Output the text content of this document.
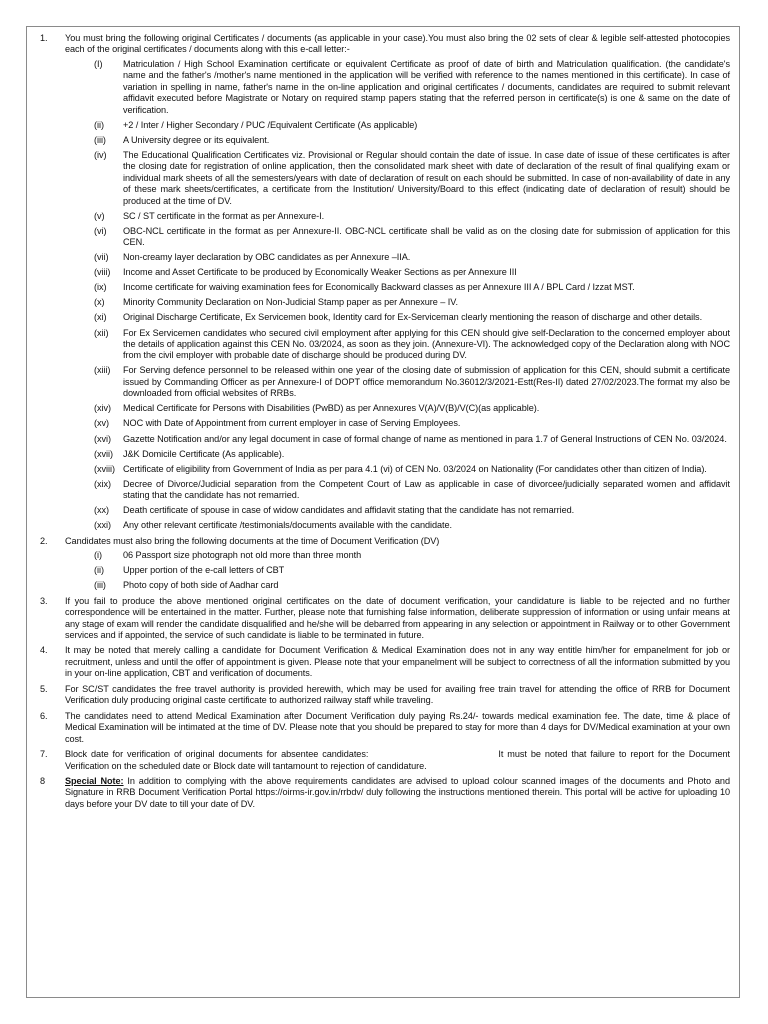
1. You must bring the following original Certificates / documents (as applicable in your case).You must also bring the 02 sets of clear & legible self-attested photocopies each of the original certificates / documents along with this e-call letter:-
(I) Matriculation / High School Examination certificate or equivalent Certificate as proof of date of birth and Matriculation qualification. (the candidate's name and the father's /mother's name mentioned in the application will be verified with reference to the names mentioned in this certificate). In case of variation in spelling in name, father's name in the on-line application and original certificates / documents, candidates are required to submit relevant affidavit executed before Magistrate or Notary on required stamp papers stating that the referred person in certificate(s) is one & same on the date of verification.
(ii) +2 / Inter / Higher Secondary / PUC /Equivalent Certificate (As applicable)
(iii) A University degree or its equivalent.
(iv) The Educational Qualification Certificates viz. Provisional or Regular should contain the date of issue. In case date of issue of these certificates is after the closing date for registration of online application, then the consolidated mark sheet with date of declaration of the result of final qualifying exam or individual mark sheets of all the semesters/years with date of declaration of result on each should be submitted. In case of non-availability of date in any of these mark sheets/certificates, a certificate from the Institution/ University/Board to this effect (indicating date of declaration of result) should be produced at the time of DV.
(v) SC / ST certificate in the format as per Annexure-I.
(vi) OBC-NCL certificate in the format as per Annexure-II. OBC-NCL certificate shall be valid as on the closing date for submission of application for this CEN.
(vii) Non-creamy layer declaration by OBC candidates as per Annexure –IIA.
(viii) Income and Asset Certificate to be produced by Economically Weaker Sections as per Annexure III
(ix) Income certificate for waiving examination fees for Economically Backward classes as per Annexure III A / BPL Card / Izzat MST.
(x) Minority Community Declaration on Non-Judicial Stamp paper as per Annexure – IV.
(xi) Original Discharge Certificate, Ex Servicemen book, Identity card for Ex-Serviceman clearly mentioning the reason of discharge and other details.
(xii) For Ex Servicemen candidates who secured civil employment after applying for this CEN should give self-Declaration to the concerned employer about the details of application against this CEN No. 03/2024, as soon as they join. (Annexure-VI). The acknowledged copy of the Declaration along with NOC from the civil employer with probable date of discharge should be produced during DV.
(xiii) For Serving defence personnel to be released within one year of the closing date of submission of application for this CEN, should submit a certificate issued by Commanding Officer as per Annexure-I of DOPT office memorandum No.36012/3/2021-Estt(Res-II) dated 27/02/2023.The format my also be downloaded from official websites of RRBs.
(xiv) Medical Certificate for Persons with Disabilities (PwBD) as per Annexures V(A)/V(B)/V(C)(as applicable).
(xv) NOC with Date of Appointment from current employer in case of Serving Employees.
(xvi) Gazette Notification and/or any legal document in case of formal change of name as mentioned in para 1.7 of General Instructions of CEN No. 03/2024.
(xvii) J&K Domicile Certificate (As applicable).
(xviii) Certificate of eligibility from Government of India as per para 4.1 (vi) of CEN No. 03/2024 on Nationality (For candidates other than citizen of India).
(xix) Decree of Divorce/Judicial separation from the Competent Court of Law as applicable in case of divorcee/judicially separated women and affidavit stating that the candidate has not remarried.
(xx) Death certificate of spouse in case of widow candidates and affidavit stating that the candidate has not remarried.
(xxi) Any other relevant certificate /testimonials/documents available with the candidate.
2. Candidates must also bring the following documents at the time of Document Verification (DV)
(i) 06 Passport size photograph not old more than three month
(ii) Upper portion of the e-call letters of CBT
(iii) Photo copy of both side of Aadhar card
3. If you fail to produce the above mentioned original certificates on the date of document verification, your candidature is liable to be rejected and no further correspondence will be entertained in the matter. Further, please note that furnishing false information, deliberate suppression of information or using unfair means at any stage of exam will render the candidate disqualified and he/she will be debarred from appearing in any selection or appointment in Railway or to other Government services and if appointed, the service of such candidate is liable to be terminated in future.
4. It may be noted that merely calling a candidate for Document Verification & Medical Examination does not in any way entitle him/her for empanelment for job or recruitment, unless and until the offer of appointment is given. Please note that your empanelment will be subject to correctness of all the information submitted by you in your on-line application, CBT and verification of documents.
5. For SC/ST candidates the free travel authority is provided herewith, which may be used for availing free train travel for attending the office of RRB for Document Verification duly producing original caste certificate to authorized railway staff while traveling.
6. The candidates need to attend Medical Examination after Document Verification duly paying Rs.24/- towards medical examination fee. The date, time & place of Medical Examination will be intimated at the time of DV. Please note that you should be prepared to stay for more than 4 days for DV/Medical examination at your own cost.
7. Block date for verification of original documents for absentee candidates:	It must be noted that failure to report for the Document Verification on the scheduled date or Block date will tantamount to rejection of candidature.
8 Special Note: In addition to complying with the above requirements candidates are advised to upload colour scanned images of the documents and Photo and Signature in RRB Document Verification Portal https://oirms-ir.gov.in/rrbdv/ duly following the instructions mentioned therein. This portal will be active for uploading 10 days before your DV date to till your date of DV.
